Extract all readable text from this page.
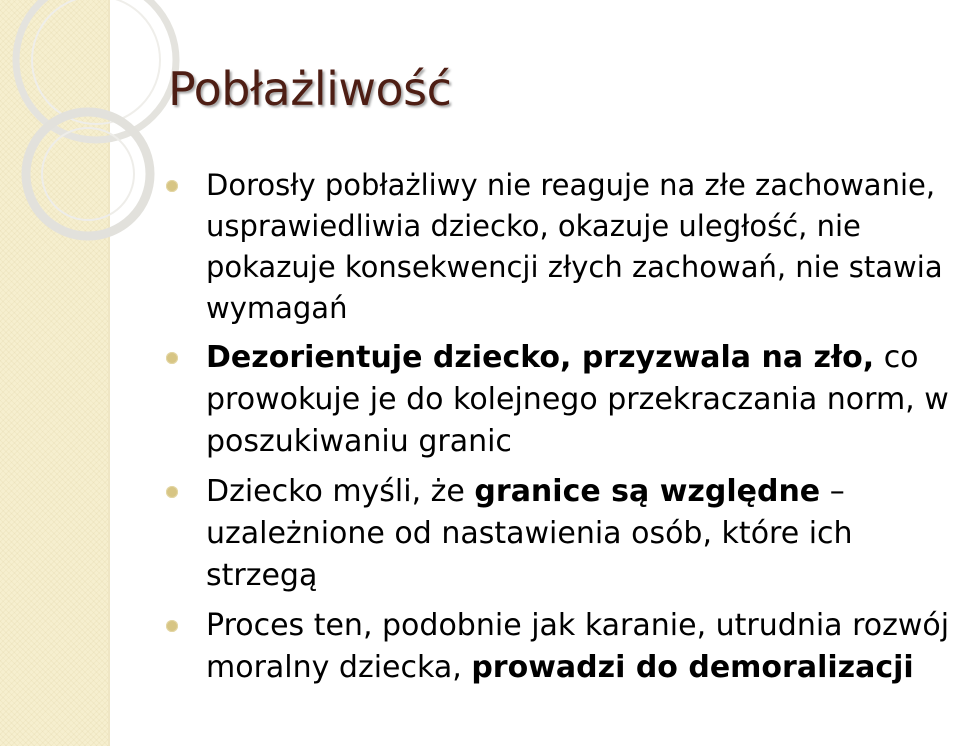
Pobłażliwość
Dorosły pobłażliwy nie reaguje na złe zachowanie, usprawiedliwia dziecko, okazuje uległość, nie pokazuje konsekwencji złych zachowań, nie stawia wymagań
Dezorientuje dziecko, przyzwala na zło, co prowokuje je do kolejnego przekraczania norm, w poszukiwaniu granic
Dziecko myśli, że granice są względne – uzależnione od nastawienia osób, które ich strzegą
Proces ten, podobnie jak karanie, utrudnia rozwój moralny dziecka, prowadzi do demoralizacji
